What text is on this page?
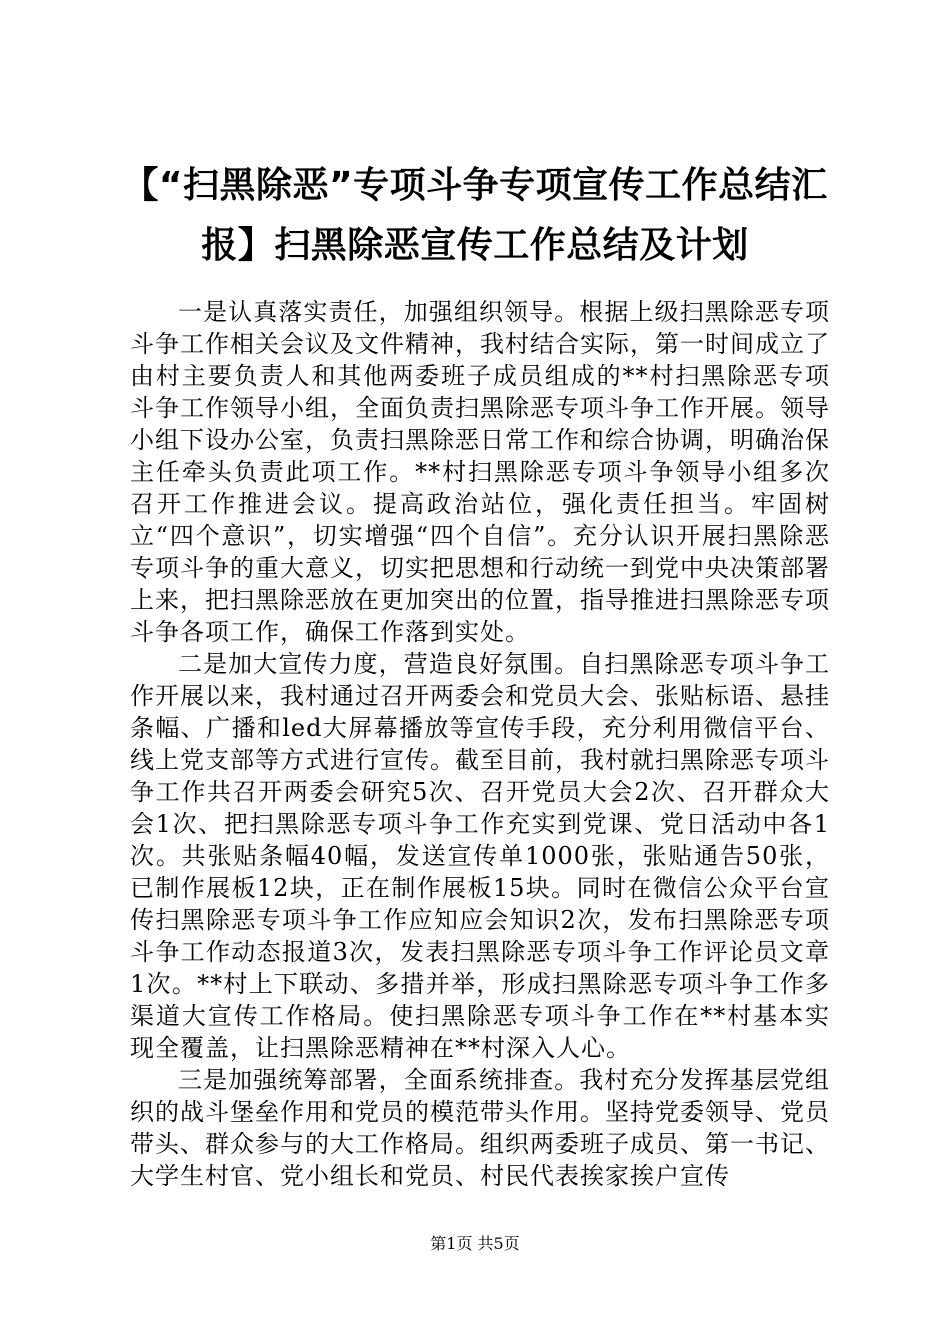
【“扫黑除恶”专项斗争专项宣传工作总结汇
报】扫黑除恶宣传工作总结及计划

一是认真落实责任，加强组织领导。根据上级扫黑除恶专项斗争工作相关会议及文件精神，我村结合实际，第一时间成立了由村主要负责人和其他两委班子成员组成的**村扫黑除恶专项斗争工作领导小组，全面负责扫黑除恶专项斗争工作开展。领导小组下设办公室，负责扫黑除恶日常工作和综合协调，明确治保主任牵头负责此项工作。**村扫黑除恶专项斗争领导小组多次召开工作推进会议。提高政治站位，强化责任担当。牢固树立“四个意识”，切实增强“四个自信”。充分认识开展扫黑除恶专项斗争的重大意义，切实把思想和行动统一到党中央决策部署上来，把扫黑除恶放在更加突出的位置，指导推进扫黑除恶专项斗争各项工作，确保工作落到实处。

二是加大宣传力度，营造良好氛围。自扫黑除恶专项斗争工作开展以来，我村通过召开两委会和党员大会、张贴标语、悬挂条幅、广播和led大屏幕播放等宣传手段，充分利用微信平台、线上党支部等方式进行宣传。截至目前，我村就扫黑除恶专项斗争工作共召开两委会研究5次、召开党员大会2次、召开群众大会1次、把扫黑除恶专项斗争工作充实到党课、党日活动中各1次。共张贴条幅40幅，发送宣传单1000张，张贴通告50张，已制作展板12块，正在制作展板15块。同时在微信公众平台宣传扫黑除恶专项斗争工作应知应会知识2次，发布扫黑除恶专项斗争工作动态报道3次，发表扫黑除恶专项斗争工作评论员文章1次。**村上下联动、多措并举，形成扫黑除恶专项斗争工作多渠道大宣传工作格局。使扫黑除恶专项斗争工作在**村基本实现全覆盖，让扫黑除恶精神在**村深入人心。

三是加强统筹部署，全面系统排查。我村充分发挥基层党组织的战斗堡垒作用和党员的模范带头作用。坚持党委领导、党员带头、群众参与的大工作格局。组织两委班子成员、第一书记、大学生村官、党小组长和党员、村民代表挨家挨户宣传

第1页 共5页
